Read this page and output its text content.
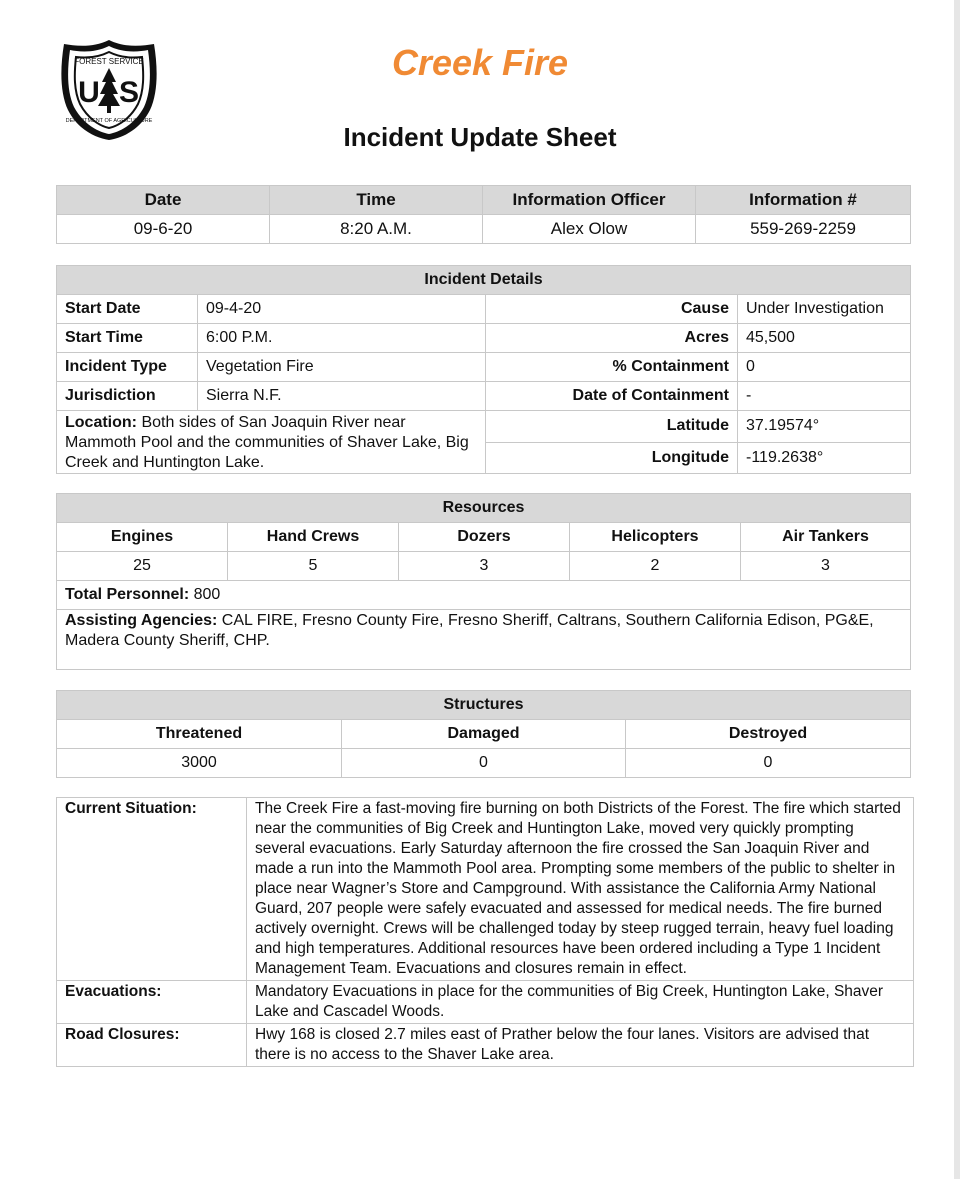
FOREST SERVICE
U S
DEPARTMENT OF AGRICULTURE
Creek Fire
Incident Update Sheet
Date	Time	Information Officer	Information #
09-6-20	8:20 A.M.	Alex Olow	559-269-2259
Incident Details			
Start Date	09-4-20	Cause	Under Investigation
Start Time	6:00 P.M.	Acres	45,500
Incident Type	Vegetation Fire	% Containment	0
Jurisdiction	Sierra N.F.	Date of Containment	-
Location: Both sides of San Joaquin River near Mammoth Pool and the communities of Shaver Lake, Big Creek and Huntington Lake.		Latitude	37.19574°
		Longitude	-119.2638°
Resources				
Engines	Hand Crews	Dozers	Helicopters	Air Tankers
25	5	3	2	3
Total Personnel: 800				
Assisting Agencies: CAL FIRE, Fresno County Fire, Fresno Sheriff, Caltrans, Southern California Edison, PG&E, Madera County Sheriff, CHP.				
Structures		
Threatened	Damaged	Destroyed
3000	0	0
Current Situation:	The Creek Fire a fast-moving fire burning on both Districts of the Forest. The fire which started near the communities of Big Creek and Huntington Lake, moved very quickly prompting several evacuations. Early Saturday afternoon the fire crossed the San Joaquin River and made a run into the Mammoth Pool area. Prompting some members of the public to shelter in place near Wagner’s Store and Campground. With assistance the California Army National Guard, 207 people were safely evacuated and assessed for medical needs. The fire burned actively overnight. Crews will be challenged today by steep rugged terrain, heavy fuel loading and high temperatures. Additional resources have been ordered including a Type 1 Incident Management Team. Evacuations and closures remain in effect.
Evacuations:	Mandatory Evacuations in place for the communities of Big Creek, Huntington Lake, Shaver Lake and Cascadel Woods.
Road Closures:	Hwy 168 is closed 2.7 miles east of Prather below the four lanes. Visitors are advised that there is no access to the Shaver Lake area.
